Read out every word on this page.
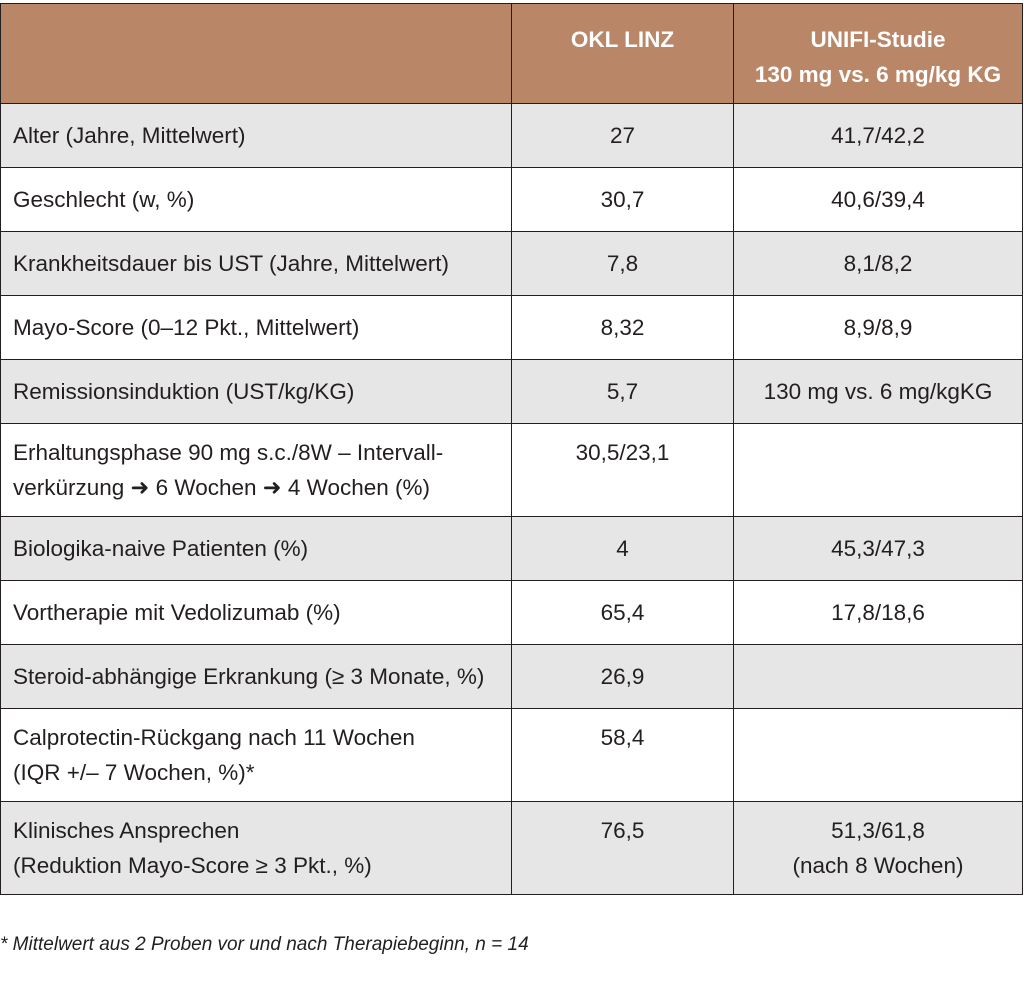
	OKL LINZ	UNIFI-Studie
130 mg vs. 6 mg/kg KG

Alter (Jahre, Mittelwert)	27	41,7/42,2

Geschlecht (w, %)	30,7	40,6/39,4

Krankheitsdauer bis UST (Jahre, Mittelwert)	7,8	8,1/8,2

Mayo-Score (0–12 Pkt., Mittelwert)	8,32	8,9/8,9

Remissionsinduktion (UST/kg/KG)	5,7	130 mg vs. 6 mg/kgKG

Erhaltungsphase 90 mg s.c./8W – Intervall-
verkürzung ➜ 6 Wochen ➜ 4 Wochen (%)	30,5/23,1	

Biologika-naive Patienten (%)	4	45,3/47,3

Vortherapie mit Vedolizumab (%)	65,4	17,8/18,6

Steroid-abhängige Erkrankung (≥ 3 Monate, %)	26,9	

Calprotectin-Rückgang nach 11 Wochen
(IQR +/– 7 Wochen, %)*	58,4	

Klinisches Ansprechen
(Reduktion Mayo-Score ≥ 3 Pkt., %)	76,5	51,3/61,8
(nach 8 Wochen)
* Mittelwert aus 2 Proben vor und nach Therapiebeginn, n = 14
